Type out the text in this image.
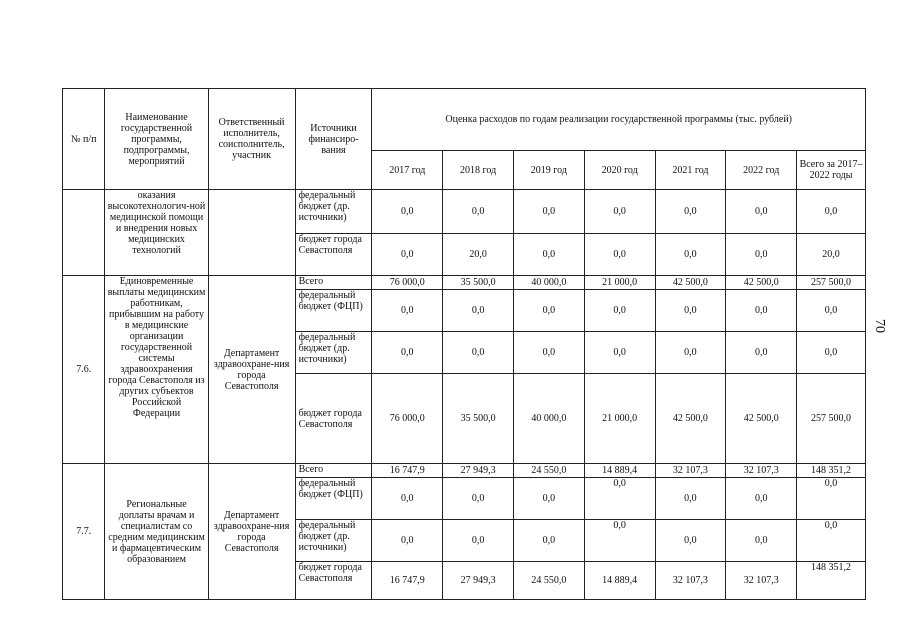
70
№ п/п	Наименование государственной программы, подпрограммы, мероприятий	Ответственный исполнитель, соисполнитель, участник	Источники финансиро-вания	Оценка расходов по годам реализации государственной программы (тыс. рублей)						
				2017 год	2018 год	2019 год	2020 год	2021 год	2022 год	Всего за 2017–2022 годы
	оказания высокотехнологич-ной медицинской помощи и внедрения новых медицинских технологий		федеральный бюджет (др. источники)	0,0	0,0	0,0	0,0	0,0	0,0	0,0
			бюджет города Севастополя	0,0	20,0	0,0	0,0	0,0	0,0	20,0
7.6.	Единовременные выплаты медицинским работникам, прибывшим на работу в медицинские организации государственной системы здравоохранения города Севастополя из других субъектов Российской Федерации	Департамент здравоохране-ния города Севастополя	Всего	76 000,0	35 500,0	40 000,0	21 000,0	42 500,0	42 500,0	257 500,0
			федеральный бюджет (ФЦП)	0,0	0,0	0,0	0,0	0,0	0,0	0,0
			федеральный бюджет (др. источники)	0,0	0,0	0,0	0,0	0,0	0,0	0,0
			бюджет города Севастополя	76 000,0	35 500,0	40 000,0	21 000,0	42 500,0	42 500,0	257 500,0
7.7.	Региональные доплаты врачам и специалистам со средним медицинским и фармацевтическим образованием	Департамент здравоохране-ния города Севастополя	Всего	16 747,9	27 949,3	24 550,0	14 889,4	32 107,3	32 107,3	148 351,2
			федеральный бюджет (ФЦП)	0,0	0,0	0,0	0,0	0,0	0,0	0,0
			федеральный бюджет (др. источники)	0,0	0,0	0,0	0,0	0,0	0,0	0,0
			бюджет города Севастополя	16 747,9	27 949,3	24 550,0	14 889,4	32 107,3	32 107,3	148 351,2
